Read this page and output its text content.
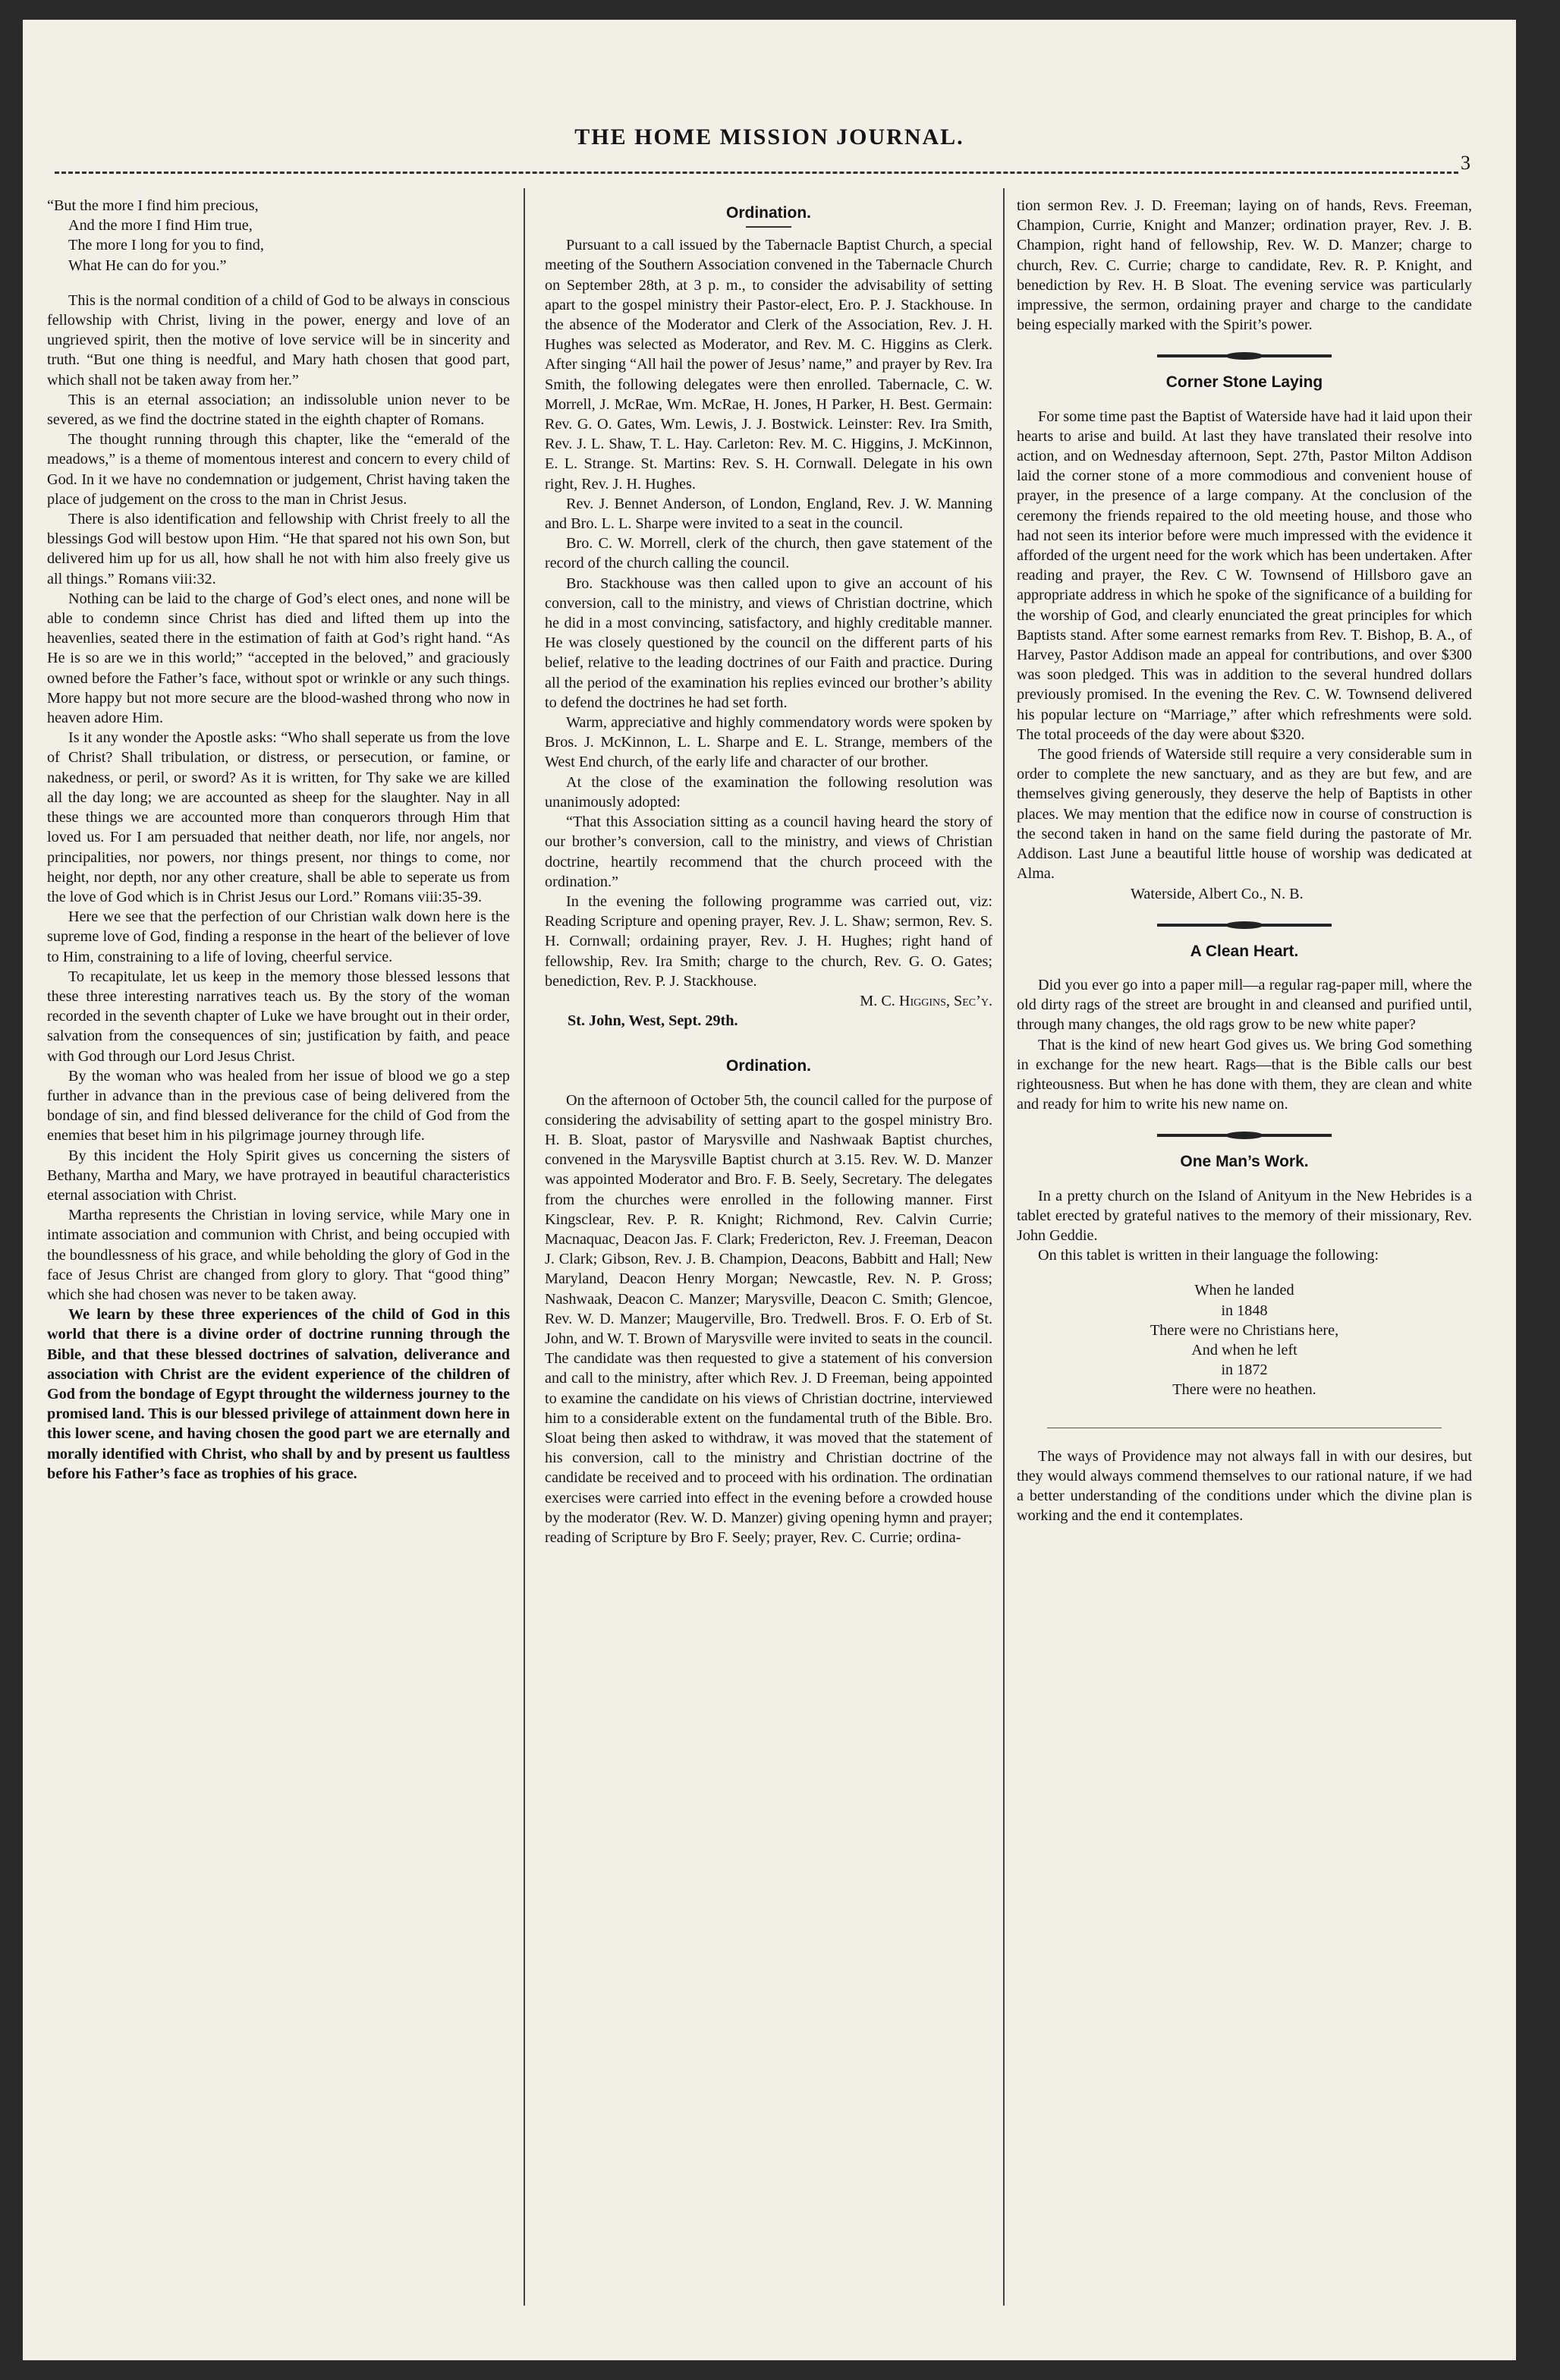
THE HOME MISSION JOURNAL.
3

“But the more I find him precious,

And the more I find Him true,

The more I long for you to find,

What He can do for you.”

This is the normal condition of a child of God to be always in conscious fellowship with Christ, living in the power, energy and love of an ungrieved spirit, then the motive of love service will be in sincerity and truth. “But one thing is needful, and Mary hath chosen that good part, which shall not be taken away from her.”

This is an eternal association; an indissoluble union never to be severed, as we find the doctrine stated in the eighth chapter of Romans.

The thought running through this chapter, like the “emerald of the meadows,” is a theme of momentous interest and concern to every child of God. In it we have no condemnation or judgement, Christ having taken the place of judgement on the cross to the man in Christ Jesus.

There is also identification and fellowship with Christ freely to all the blessings God will bestow upon Him. “He that spared not his own Son, but delivered him up for us all, how shall he not with him also freely give us all things.” Romans viii:32.

Nothing can be laid to the charge of God’s elect ones, and none will be able to condemn since Christ has died and lifted them up into the heavenlies, seated there in the estimation of faith at God’s right hand. “As He is so are we in this world;” “accepted in the beloved,” and graciously owned before the Father’s face, without spot or wrinkle or any such things. More happy but not more secure are the blood-washed throng who now in heaven adore Him.

Is it any wonder the Apostle asks: “Who shall seperate us from the love of Christ? Shall tribulation, or distress, or persecution, or famine, or nakedness, or peril, or sword? As it is written, for Thy sake we are killed all the day long; we are accounted as sheep for the slaughter. Nay in all these things we are accounted more than conquerors through Him that loved us. For I am persuaded that neither death, nor life, nor angels, nor principalities, nor powers, nor things present, nor things to come, nor height, nor depth, nor any other creature, shall be able to seperate us from the love of God which is in Christ Jesus our Lord.” Romans viii:35-39.

Here we see that the perfection of our Christian walk down here is the supreme love of God, finding a response in the heart of the believer of love to Him, constraining to a life of loving, cheerful service.

To recapitulate, let us keep in the memory those blessed lessons that these three interesting narratives teach us. By the story of the woman recorded in the seventh chapter of Luke we have brought out in their order, salvation from the consequences of sin; justification by faith, and peace with God through our Lord Jesus Christ.

By the woman who was healed from her issue of blood we go a step further in advance than in the previous case of being delivered from the bondage of sin, and find blessed deliverance for the child of God from the enemies that beset him in his pilgrimage journey through life.

By this incident the Holy Spirit gives us concerning the sisters of Bethany, Martha and Mary, we have protrayed in beautiful characteristics eternal association with Christ.

Martha represents the Christian in loving service, while Mary one in intimate association and communion with Christ, and being occupied with the boundlessness of his grace, and while beholding the glory of God in the face of Jesus Christ are changed from glory to glory. That “good thing” which she had chosen was never to be taken away.

We learn by these three experiences of the child of God in this world that there is a divine order of doctrine running through the Bible, and that these blessed doctrines of salvation, deliverance and association with Christ are the evident experience of the children of God from the bondage of Egypt throught the wilderness journey to the promised land. This is our blessed privilege of attainment down here in this lower scene, and having chosen the good part we are eternally and morally identified with Christ, who shall by and by present us faultless before his Father’s face as trophies of his grace.

Ordination.

Pursuant to a call issued by the Tabernacle Baptist Church, a special meeting of the Southern Association convened in the Tabernacle Church on September 28th, at 3 p. m., to consider the advisability of setting apart to the gospel ministry their Pastor-elect, Ero. P. J. Stackhouse. In the absence of the Moderator and Clerk of the Association, Rev. J. H. Hughes was selected as Moderator, and Rev. M. C. Higgins as Clerk. After singing “All hail the power of Jesus’ name,” and prayer by Rev. Ira Smith, the following delegates were then enrolled. Tabernacle, C. W. Morrell, J. McRae, Wm. McRae, H. Jones, H Parker, H. Best. Germain: Rev. G. O. Gates, Wm. Lewis, J. J. Bostwick. Leinster: Rev. Ira Smith, Rev. J. L. Shaw, T. L. Hay. Carleton: Rev. M. C. Higgins, J. McKinnon, E. L. Strange. St. Martins: Rev. S. H. Cornwall. Delegate in his own right, Rev. J. H. Hughes.

Rev. J. Bennet Anderson, of London, England, Rev. J. W. Manning and Bro. L. L. Sharpe were invited to a seat in the council.

Bro. C. W. Morrell, clerk of the church, then gave statement of the record of the church calling the council.

Bro. Stackhouse was then called upon to give an account of his conversion, call to the ministry, and views of Christian doctrine, which he did in a most convincing, satisfactory, and highly creditable manner. He was closely questioned by the council on the different parts of his belief, relative to the leading doctrines of our Faith and practice. During all the period of the examination his replies evinced our brother’s ability to defend the doctrines he had set forth.

Warm, appreciative and highly commendatory words were spoken by Bros. J. McKinnon, L. L. Sharpe and E. L. Strange, members of the West End church, of the early life and character of our brother.

At the close of the examination the following resolution was unanimously adopted:

“That this Association sitting as a council having heard the story of our brother’s conversion, call to the ministry, and views of Christian doctrine, heartily recommend that the church proceed with the ordination.”

In the evening the following programme was carried out, viz: Reading Scripture and opening prayer, Rev. J. L. Shaw; sermon, Rev. S. H. Cornwall; ordaining prayer, Rev. J. H. Hughes; right hand of fellowship, Rev. Ira Smith; charge to the church, Rev. G. O. Gates; benediction, Rev. P. J. Stackhouse.

M. C. Higgins, Sec’y.

St. John, West, Sept. 29th.

Ordination.

On the afternoon of October 5th, the council called for the purpose of considering the advisability of setting apart to the gospel ministry Bro. H. B. Sloat, pastor of Marysville and Nashwaak Baptist churches, convened in the Marysville Baptist church at 3.15. Rev. W. D. Manzer was appointed Moderator and Bro. F. B. Seely, Secretary. The delegates from the churches were enrolled in the following manner. First Kingsclear, Rev. P. R. Knight; Richmond, Rev. Calvin Currie; Macnaquac, Deacon Jas. F. Clark; Fredericton, Rev. J. Freeman, Deacon J. Clark; Gibson, Rev. J. B. Champion, Deacons, Babbitt and Hall; New Maryland, Deacon Henry Morgan; Newcastle, Rev. N. P. Gross; Nashwaak, Deacon C. Manzer; Marysville, Deacon C. Smith; Glencoe, Rev. W. D. Manzer; Maugerville, Bro. Tredwell. Bros. F. O. Erb of St. John, and W. T. Brown of Marysville were invited to seats in the council. The candidate was then requested to give a statement of his conversion and call to the ministry, after which Rev. J. D Freeman, being appointed to examine the candidate on his views of Christian doctrine, interviewed him to a considerable extent on the fundamental truth of the Bible. Bro. Sloat being then asked to withdraw, it was moved that the statement of his conversion, call to the ministry and Christian doctrine of the candidate be received and to proceed with his ordination. The ordinatian exercises were carried into effect in the evening before a crowded house by the moderator (Rev. W. D. Manzer) giving opening hymn and prayer; reading of Scripture by Bro F. Seely; prayer, Rev. C. Currie; ordina-

tion sermon Rev. J. D. Freeman; laying on of hands, Revs. Freeman, Champion, Currie, Knight and Manzer; ordination prayer, Rev. J. B. Champion, right hand of fellowship, Rev. W. D. Manzer; charge to church, Rev. C. Currie; charge to candidate, Rev. R. P. Knight, and benediction by Rev. H. B Sloat. The evening service was particularly impressive, the sermon, ordaining prayer and charge to the candidate being especially marked with the Spirit’s power.

Corner Stone Laying

For some time past the Baptist of Waterside have had it laid upon their hearts to arise and build. At last they have translated their resolve into action, and on Wednesday afternoon, Sept. 27th, Pastor Milton Addison laid the corner stone of a more commodious and convenient house of prayer, in the presence of a large company. At the conclusion of the ceremony the friends repaired to the old meeting house, and those who had not seen its interior before were much impressed with the evidence it afforded of the urgent need for the work which has been undertaken. After reading and prayer, the Rev. C W. Townsend of Hillsboro gave an appropriate address in which he spoke of the significance of a building for the worship of God, and clearly enunciated the great principles for which Baptists stand. After some earnest remarks from Rev. T. Bishop, B. A., of Harvey, Pastor Addison made an appeal for contributions, and over $300 was soon pledged. This was in addition to the several hundred dollars previously promised. In the evening the Rev. C. W. Townsend delivered his popular lecture on “Marriage,” after which refreshments were sold. The total proceeds of the day were about $320.

The good friends of Waterside still require a very considerable sum in order to complete the new sanctuary, and as they are but few, and are themselves giving generously, they deserve the help of Baptists in other places. We may mention that the edifice now in course of construction is the second taken in hand on the same field during the pastorate of Mr. Addison. Last June a beautiful little house of worship was dedicated at Alma.

Waterside, Albert Co., N. B.

A Clean Heart.

Did you ever go into a paper mill—a regular rag-paper mill, where the old dirty rags of the street are brought in and cleansed and purified until, through many changes, the old rags grow to be new white paper?

That is the kind of new heart God gives us. We bring God something in exchange for the new heart. Rags—that is the Bible calls our best righteousness. But when he has done with them, they are clean and white and ready for him to write his new name on.

One Man’s Work.

In a pretty church on the Island of Anityum in the New Hebrides is a tablet erected by grateful natives to the memory of their missionary, Rev. John Geddie.

On this tablet is written in their language the following:

When he landed

in 1848

There were no Christians here,

And when he left

in 1872

There were no heathen.

The ways of Providence may not always fall in with our desires, but they would always commend themselves to our rational nature, if we had a better understanding of the conditions under which the divine plan is working and the end it contemplates.
